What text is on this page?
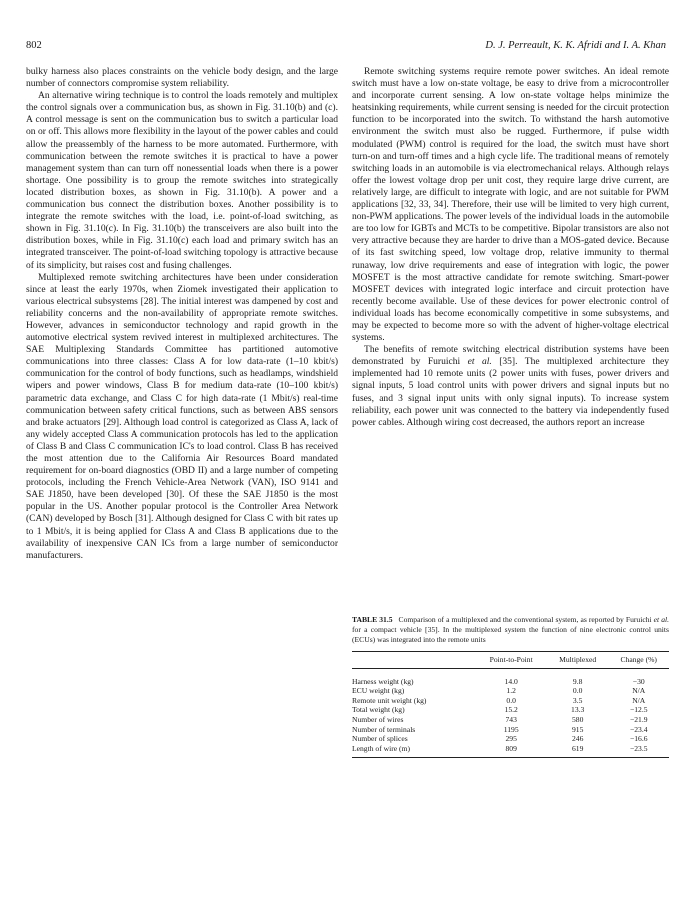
802	D. J. Perreault, K. K. Afridi and I. A. Khan

bulky harness also places constraints on the vehicle body design, and the large number of connectors compromise system reliability.

An alternative wiring technique is to control the loads remotely and multiplex the control signals over a communication bus, as shown in Fig. 31.10(b) and (c). A control message is sent on the communication bus to switch a particular load on or off. This allows more flexibility in the layout of the power cables and could allow the preassembly of the harness to be more automated. Furthermore, with communication between the remote switches it is practical to have a power management system than can turn off nonessential loads when there is a power shortage. One possibility is to group the remote switches into strategically located distribution boxes, as shown in Fig. 31.10(b). A power and a communication bus connect the distribution boxes. Another possibility is to integrate the remote switches with the load, i.e. point-of-load switching, as shown in Fig. 31.10(c). In Fig. 31.10(b) the transceivers are also built into the distribution boxes, while in Fig. 31.10(c) each load and primary switch has an integrated transceiver. The point-of-load switching topology is attractive because of its simplicity, but raises cost and fusing challenges.

Multiplexed remote switching architectures have been under consideration since at least the early 1970s, when Ziomek investigated their application to various electrical subsystems [28]. The initial interest was dampened by cost and reliability concerns and the non-availability of appropriate remote switches. However, advances in semiconductor technology and rapid growth in the automotive electrical system revived interest in multiplexed architectures. The SAE Multiplexing Standards Committee has partitioned automotive communications into three classes: Class A for low data-rate (1–10 kbit/s) communication for the control of body functions, such as headlamps, windshield wipers and power windows, Class B for medium data-rate (10–100 kbit/s) parametric data exchange, and Class C for high data-rate (1 Mbit/s) real-time communication between safety critical functions, such as between ABS sensors and brake actuators [29]. Although load control is categorized as Class A, lack of any widely accepted Class A communication protocols has led to the application of Class B and Class C communication IC's to load control. Class B has received the most attention due to the California Air Resources Board mandated requirement for on-board diagnostics (OBD II) and a large number of competing protocols, including the French Vehicle-Area Network (VAN), ISO 9141 and SAE J1850, have been developed [30]. Of these the SAE J1850 is the most popular in the US. Another popular protocol is the Controller Area Network (CAN) developed by Bosch [31]. Although designed for Class C with bit rates up to 1 Mbit/s, it is being applied for Class A and Class B applications due to the availability of inexpensive CAN ICs from a large number of semiconductor manufacturers.

Remote switching systems require remote power switches. An ideal remote switch must have a low on-state voltage, be easy to drive from a microcontroller and incorporate current sensing. A low on-state voltage helps minimize the heatsinking requirements, while current sensing is needed for the circuit protection function to be incorporated into the switch. To withstand the harsh automotive environment the switch must also be rugged. Furthermore, if pulse width modulated (PWM) control is required for the load, the switch must have short turn-on and turn-off times and a high cycle life. The traditional means of remotely switching loads in an automobile is via electromechanical relays. Although relays offer the lowest voltage drop per unit cost, they require large drive current, are relatively large, are difficult to integrate with logic, and are not suitable for PWM applications [32, 33, 34]. Therefore, their use will be limited to very high current, non-PWM applications. The power levels of the individual loads in the automobile are too low for IGBTs and MCTs to be competitive. Bipolar transistors are also not very attractive because they are harder to drive than a MOS-gated device. Because of its fast switching speed, low voltage drop, relative immunity to thermal runaway, low drive requirements and ease of integration with logic, the power MOSFET is the most attractive candidate for remote switching. Smart-power MOSFET devices with integrated logic interface and circuit protection have recently become available. Use of these devices for power electronic control of individual loads has become economically competitive in some subsystems, and may be expected to become more so with the advent of higher-voltage electrical systems.

The benefits of remote switching electrical distribution systems have been demonstrated by Furuichi et al. [35]. The multiplexed architecture they implemented had 10 remote units (2 power units with fuses, power drivers and signal inputs, 5 load control units with power drivers and signal inputs but no fuses, and 3 signal input units with only signal inputs). To increase system reliability, each power unit was connected to the battery via independently fused power cables. Although wiring cost decreased, the authors report an increase

TABLE 31.5 Comparison of a multiplexed and the conventional system, as reported by Furuichi et al. for a compact vehicle [35]. In the multiplexed system the function of nine electronic control units (ECUs) was integrated into the remote units

	Point-to-Point	Multiplexed	Change (%)
Harness weight (kg)	14.0	9.8	−30
ECU weight (kg)	1.2	0.0	N/A
Remote unit weight (kg)	0.0	3.5	N/A
Total weight (kg)	15.2	13.3	−12.5
Number of wires	743	580	−21.9
Number of terminals	1195	915	−23.4
Number of splices	295	246	−16.6
Length of wire (m)	809	619	−23.5
